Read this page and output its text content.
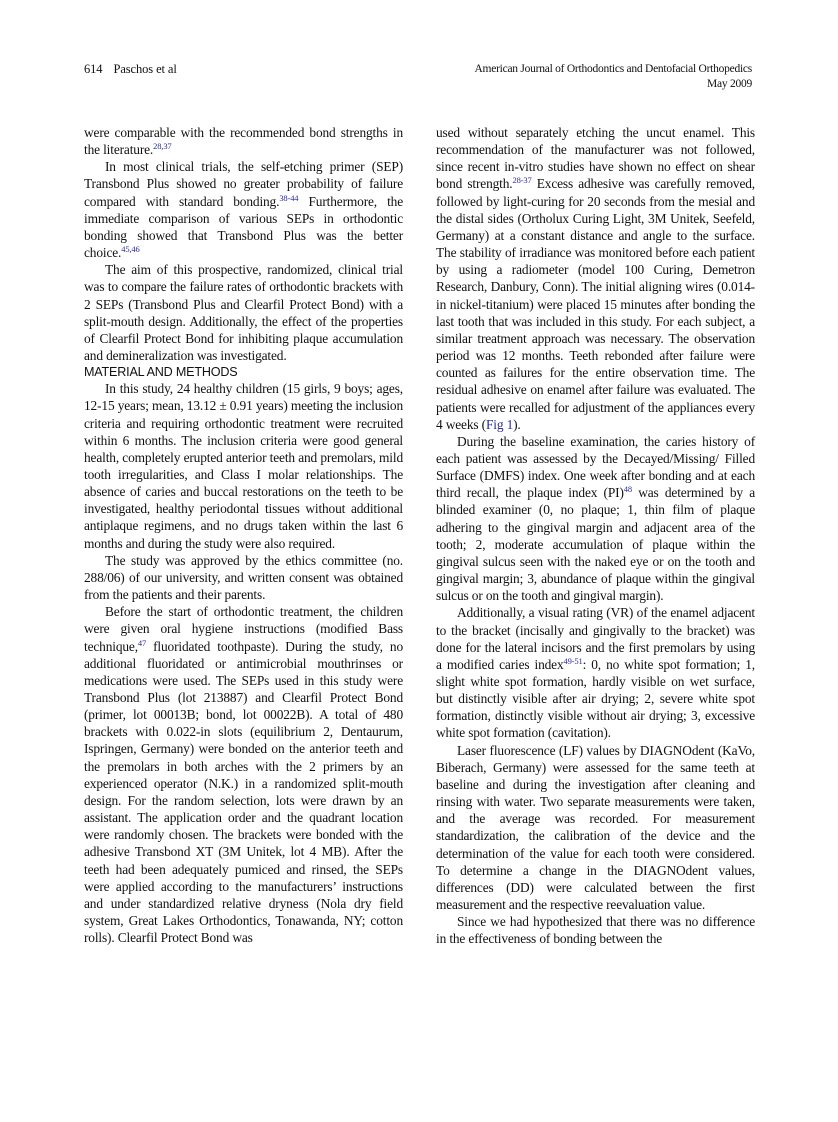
614 Paschos et al	American Journal of Orthodontics and Dentofacial Orthopedics
May 2009

were comparable with the recommended bond strengths in the literature.$^{28,37}$

In most clinical trials, the self-etching primer (SEP) Transbond Plus showed no greater probability of failure compared with standard bonding.$^{38-44}$ Furthermore, the immediate comparison of various SEPs in orthodontic bonding showed that Transbond Plus was the better choice.$^{45,46}$

The aim of this prospective, randomized, clinical trial was to compare the failure rates of orthodontic brackets with 2 SEPs (Transbond Plus and Clearfil Protect Bond) with a split-mouth design. Additionally, the effect of the properties of Clearfil Protect Bond for inhibiting plaque accumulation and demineralization was investigated.

MATERIAL AND METHODS

In this study, 24 healthy children (15 girls, 9 boys; ages, 12-15 years; mean, 13.12 ± 0.91 years) meeting the inclusion criteria and requiring orthodontic treatment were recruited within 6 months. The inclusion criteria were good general health, completely erupted anterior teeth and premolars, mild tooth irregularities, and Class I molar relationships. The absence of caries and buccal restorations on the teeth to be investigated, healthy periodontal tissues without additional antiplaque regimens, and no drugs taken within the last 6 months and during the study were also required.

The study was approved by the ethics committee (no. 288/06) of our university, and written consent was obtained from the patients and their parents.

Before the start of orthodontic treatment, the children were given oral hygiene instructions (modified Bass technique,$^{47}$ fluoridated toothpaste). During the study, no additional fluoridated or antimicrobial mouthrinses or medications were used. The SEPs used in this study were Transbond Plus (lot 213887) and Clearfil Protect Bond (primer, lot 00013B; bond, lot 00022B). A total of 480 brackets with 0.022-in slots (equilibrium 2, Dentaurum, Ispringen, Germany) were bonded on the anterior teeth and the premolars in both arches with the 2 primers by an experienced operator (N.K.) in a randomized split-mouth design. For the random selection, lots were drawn by an assistant. The application order and the quadrant location were randomly chosen. The brackets were bonded with the adhesive Transbond XT (3M Unitek, lot 4 MB). After the teeth had been adequately pumiced and rinsed, the SEPs were applied according to the manufacturers’ instructions and under standardized relative dryness (Nola dry field system, Great Lakes Orthodontics, Tonawanda, NY; cotton rolls). Clearfil Protect Bond was

used without separately etching the uncut enamel. This recommendation of the manufacturer was not followed, since recent in-vitro studies have shown no effect on shear bond strength.$^{28-37}$ Excess adhesive was carefully removed, followed by light-curing for 20 seconds from the mesial and the distal sides (Ortholux Curing Light, 3M Unitek, Seefeld, Germany) at a constant distance and angle to the surface. The stability of irradiance was monitored before each patient by using a radiometer (model 100 Curing, Demetron Research, Danbury, Conn). The initial aligning wires (0.014-in nickel-titanium) were placed 15 minutes after bonding the last tooth that was included in this study. For each subject, a similar treatment approach was necessary. The observation period was 12 months. Teeth rebonded after failure were counted as failures for the entire observation time. The residual adhesive on enamel after failure was evaluated. The patients were recalled for adjustment of the appliances every 4 weeks (Fig 1).

During the baseline examination, the caries history of each patient was assessed by the Decayed/Missing/ Filled Surface (DMFS) index. One week after bonding and at each third recall, the plaque index (PI)$^{48}$ was determined by a blinded examiner (0, no plaque; 1, thin film of plaque adhering to the gingival margin and adjacent area of the tooth; 2, moderate accumulation of plaque within the gingival sulcus seen with the naked eye or on the tooth and gingival margin; 3, abundance of plaque within the gingival sulcus or on the tooth and gingival margin).

Additionally, a visual rating (VR) of the enamel adjacent to the bracket (incisally and gingivally to the bracket) was done for the lateral incisors and the first premolars by using a modified caries index$^{49-51}$: 0, no white spot formation; 1, slight white spot formation, hardly visible on wet surface, but distinctly visible after air drying; 2, severe white spot formation, distinctly visible without air drying; 3, excessive white spot formation (cavitation).

Laser fluorescence (LF) values by DIAGNOdent (KaVo, Biberach, Germany) were assessed for the same teeth at baseline and during the investigation after cleaning and rinsing with water. Two separate measurements were taken, and the average was recorded. For measurement standardization, the calibration of the device and the determination of the value for each tooth were considered. To determine a change in the DIAGNOdent values, differences (DD) were calculated between the first measurement and the respective reevaluation value.

Since we had hypothesized that there was no difference in the effectiveness of bonding between the
